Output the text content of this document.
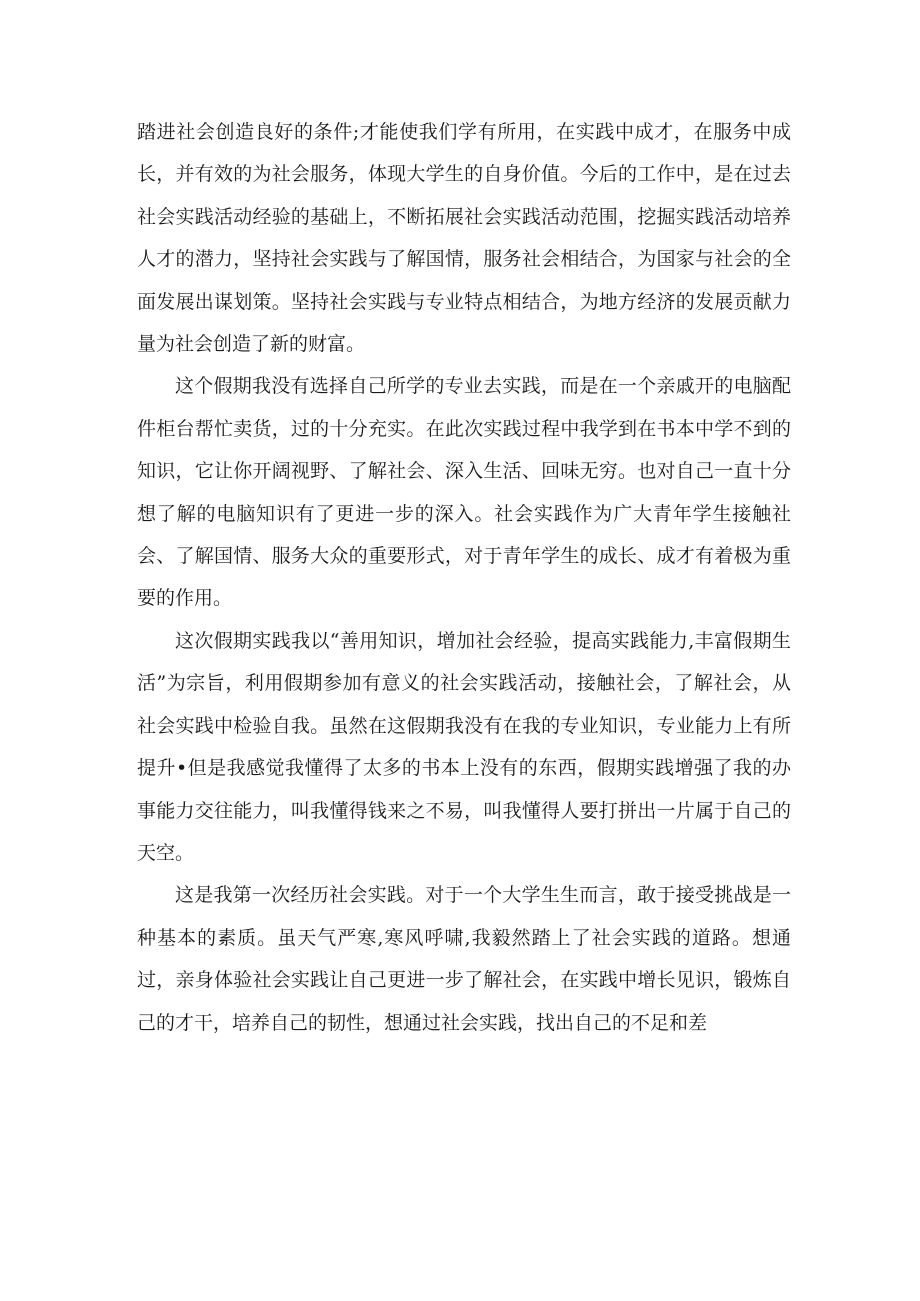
踏进社会创造良好的条件;才能使我们学有所用，在实践中成才，在服务中成长，并有效的为社会服务，体现大学生的自身价值。今后的工作中，是在过去社会实践活动经验的基础上，不断拓展社会实践活动范围，挖掘实践活动培养人才的潜力，坚持社会实践与了解国情，服务社会相结合，为国家与社会的全面发展出谋划策。坚持社会实践与专业特点相结合，为地方经济的发展贡献力量为社会创造了新的财富。

这个假期我没有选择自己所学的专业去实践，而是在一个亲戚开的电脑配件柜台帮忙卖货，过的十分充实。在此次实践过程中我学到在书本中学不到的知识，它让你开阔视野、了解社会、深入生活、回味无穷。也对自己一直十分想了解的电脑知识有了更进一步的深入。社会实践作为广大青年学生接触社会、了解国情、服务大众的重要形式，对于青年学生的成长、成才有着极为重要的作用。

这次假期实践我以“善用知识，增加社会经验，提高实践能力,丰富假期生活”为宗旨，利用假期参加有意义的社会实践活动，接触社会，了解社会，从社会实践中检验自我。虽然在这假期我没有在我的专业知识，专业能力上有所提升•但是我感觉我懂得了太多的书本上没有的东西，假期实践增强了我的办事能力交往能力，叫我懂得钱来之不易，叫我懂得人要打拼出一片属于自己的天空。

这是我第一次经历社会实践。对于一个大学生生而言，敢于接受挑战是一种基本的素质。虽天气严寒,寒风呼啸,我毅然踏上了社会实践的道路。想通过，亲身体验社会实践让自己更进一步了解社会，在实践中增长见识，锻炼自己的才干，培养自己的韧性，想通过社会实践，找出自己的不足和差
